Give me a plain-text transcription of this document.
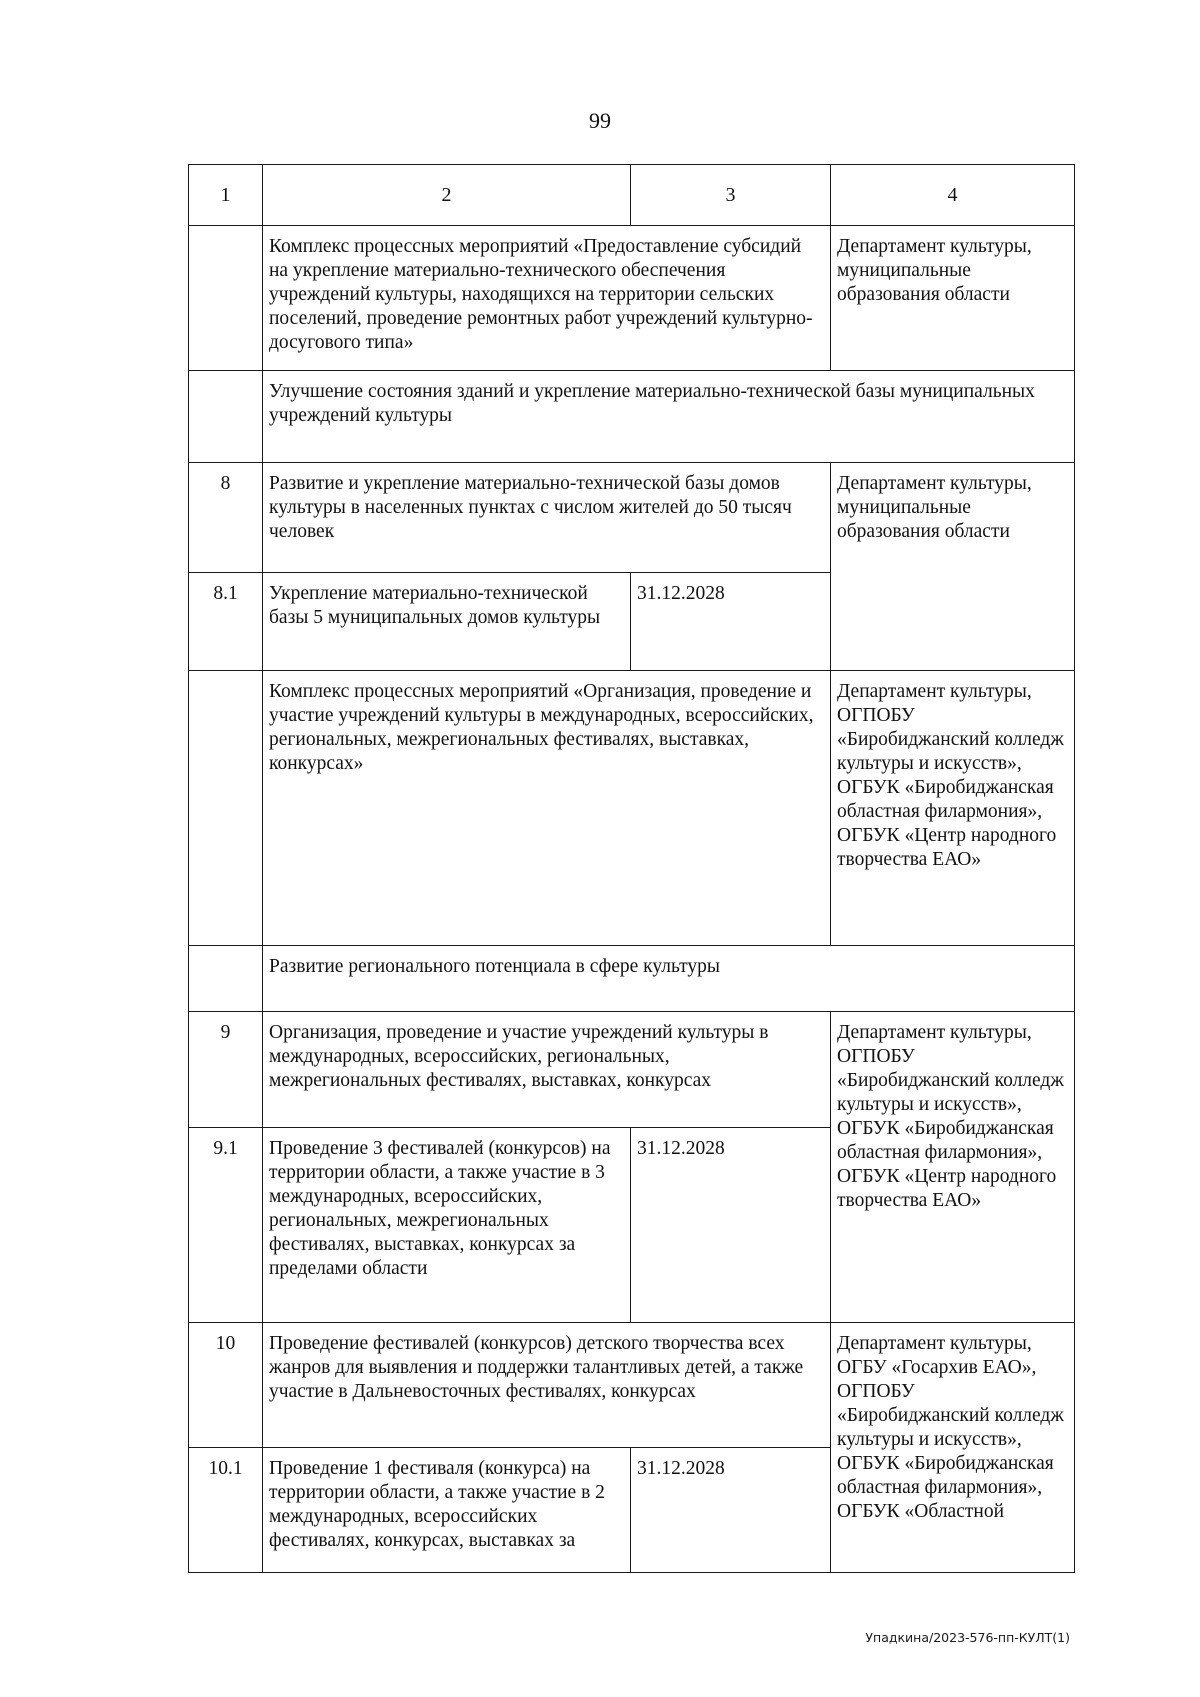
99
1	2	3	4
	Комплекс процессных мероприятий «Предоставление субсидий на укрепление материально-технического обеспечения учреждений культуры, находящихся на территории сельских поселений, проведение ремонтных работ учреждений культурно-досугового типа»		Департамент культуры, муниципальные образования области
	Улучшение состояния зданий и укрепление материально-технической базы муниципальных учреждений культуры		
8	Развитие и укрепление материально-технической базы домов культуры в населенных пунктах с числом жителей до 50 тысяч человек		Департамент культуры, муниципальные образования области
8.1	Укрепление материально-технической базы 5 муниципальных домов культуры	31.12.2028	
	Комплекс процессных мероприятий «Организация, проведение и участие учреждений культуры в международных, всероссийских, региональных, межрегиональных фестивалях, выставках, конкурсах»		Департамент культуры, ОГПОБУ «Биробиджанский колледж культуры и искусств», ОГБУК «Биробиджанская областная филармония», ОГБУК «Центр народного творчества ЕАО»
	Развитие регионального потенциала в сфере культуры		
9	Организация, проведение и участие учреждений культуры в международных, всероссийских, региональных, межрегиональных фестивалях, выставках, конкурсах		Департамент культуры, ОГПОБУ «Биробиджанский колледж культуры и искусств», ОГБУК «Биробиджанская областная филармония», ОГБУК «Центр народного творчества ЕАО»
9.1	Проведение 3 фестивалей (конкурсов) на территории области, а также участие в 3 международных, всероссийских, региональных, межрегиональных фестивалях, выставках, конкурсах за пределами области	31.12.2028	
10	Проведение фестивалей (конкурсов) детского творчества всех жанров для выявления и поддержки талантливых детей, а также участие в Дальневосточных фестивалях, конкурсах		Департамент культуры, ОГБУ «Госархив ЕАО», ОГПОБУ «Биробиджанский колледж культуры и искусств», ОГБУК «Биробиджанская областная филармония», ОГБУК «Областной
10.1	Проведение 1 фестиваля (конкурса) на территории области, а также участие в 2 международных, всероссийских фестивалях, конкурсах, выставках за	31.12.2028	
Упадкина/2023-576-пп-КУЛТ(1)
